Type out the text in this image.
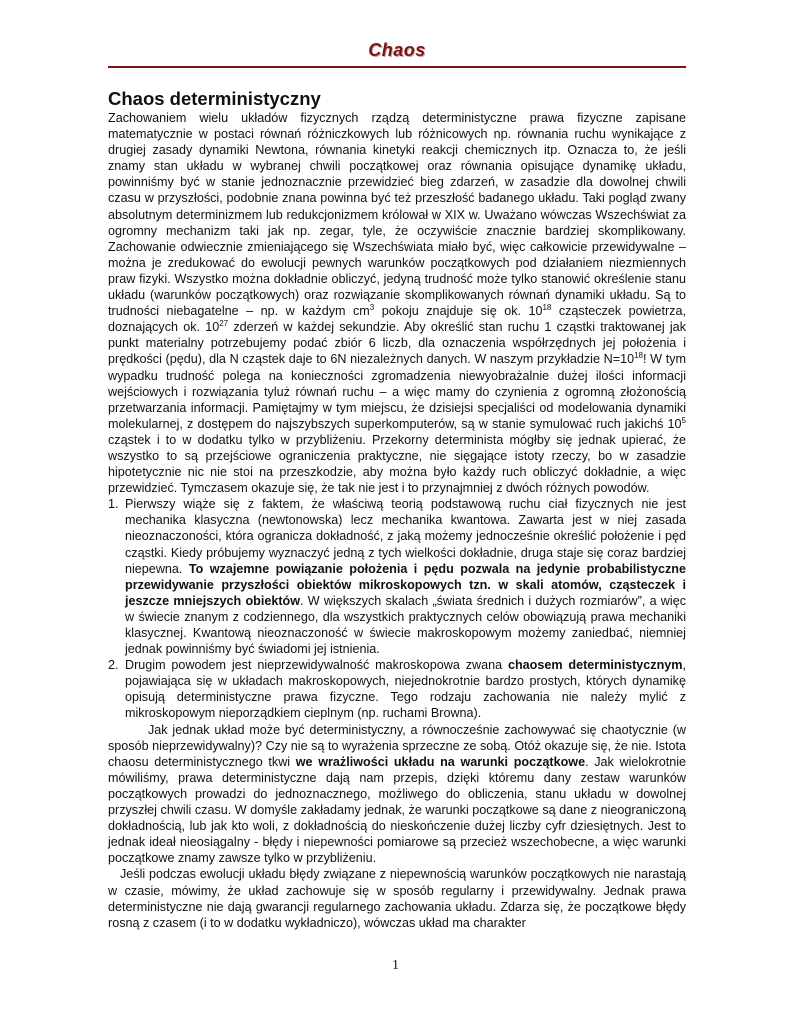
Chaos
Chaos deterministyczny

Zachowaniem wielu układów fizycznych rządzą deterministyczne prawa fizyczne zapisane matematycznie w postaci równań różniczkowych lub różnicowych np. równania ruchu wynikające z drugiej zasady dynamiki Newtona, równania kinetyki reakcji chemicznych itp. Oznacza to, że jeśli znamy stan układu w wybranej chwili początkowej oraz równania opisujące dynamikę układu, powinniśmy być w stanie jednoznacznie przewidzieć bieg zdarzeń, w zasadzie dla dowolnej chwili czasu w przyszłości, podobnie znana powinna być też przeszłość badanego układu. Taki pogląd zwany absolutnym determinizmem lub redukcjonizmem królował w XIX w. Uważano wówczas Wszechświat za ogromny mechanizm taki jak np. zegar, tyle, że oczywiście znacznie bardziej skomplikowany. Zachowanie odwiecznie zmieniającego się Wszechświata miało być, więc całkowicie przewidywalne – można je zredukować do ewolucji pewnych warunków początkowych pod działaniem niezmiennych praw fizyki. Wszystko można dokładnie obliczyć, jedyną trudność może tylko stanowić określenie stanu układu (warunków początkowych) oraz rozwiązanie skomplikowanych równań dynamiki układu. Są to trudności niebagatelne – np. w każdym $cm^3$ pokoju znajduje się ok. $10^{18}$ cząsteczek powietrza, doznających ok. $10^{27}$ zderzeń w każdej sekundzie. Aby określić stan ruchu 1 cząstki traktowanej jak punkt materialny potrzebujemy podać zbiór 6 liczb, dla oznaczenia współrzędnych jej położenia i prędkości (pędu), dla N cząstek daje to 6N niezależnych danych. W naszym przykładzie $N=10^{18}$! W tym wypadku trudność polega na konieczności zgromadzenia niewyobrażalnie dużej ilości informacji wejściowych i rozwiązania tyluż równań ruchu – a więc mamy do czynienia z ogromną złożonością przetwarzania informacji. Pamiętajmy w tym miejscu, że dzisiejsi specjaliści od modelowania dynamiki molekularnej, z dostępem do najszybszych superkomputerów, są w stanie symulować ruch jakichś $10^5$ cząstek i to w dodatku tylko w przybliżeniu. Przekorny determinista mógłby się jednak upierać, że wszystko to są przejściowe ograniczenia praktyczne, nie sięgające istoty rzeczy, bo w zasadzie hipotetycznie nic nie stoi na przeszkodzie, aby można było każdy ruch obliczyć dokładnie, a więc przewidzieć. Tymczasem okazuje się, że tak nie jest i to przynajmniej z dwóch różnych powodów.

1. Pierwszy wiąże się z faktem, że właściwą teorią podstawową ruchu ciał fizycznych nie jest mechanika klasyczna (newtonowska) lecz mechanika kwantowa. Zawarta jest w niej zasada nieoznaczoności, która ogranicza dokładność, z jaką możemy jednocześnie określić położenie i pęd cząstki. Kiedy próbujemy wyznaczyć jedną z tych wielkości dokładnie, druga staje się coraz bardziej niepewna. To wzajemne powiązanie położenia i pędu pozwala na jedynie probabilistyczne przewidywanie przyszłości obiektów mikroskopowych tzn. w skali atomów, cząsteczek i jeszcze mniejszych obiektów. W większych skalach „świata średnich i dużych rozmiarów”, a więc w świecie znanym z codziennego, dla wszystkich praktycznych celów obowiązują prawa mechaniki klasycznej. Kwantową nieoznaczoność w świecie makroskopowym możemy zaniedbać, niemniej jednak powinniśmy być świadomi jej istnienia.
2. Drugim powodem jest nieprzewidywalność makroskopowa zwana chaosem deterministycznym, pojawiająca się w układach makroskopowych, niejednokrotnie bardzo prostych, których dynamikę opisują deterministyczne prawa fizyczne. Tego rodzaju zachowania nie należy mylić z mikroskopowym nieporządkiem cieplnym (np. ruchami Browna).

Jak jednak układ może być deterministyczny, a równocześnie zachowywać się chaotycznie (w sposób nieprzewidywalny)? Czy nie są to wyrażenia sprzeczne ze sobą. Otóż okazuje się, że nie. Istota chaosu deterministycznego tkwi we wrażliwości układu na warunki początkowe. Jak wielokrotnie mówiliśmy, prawa deterministyczne dają nam przepis, dzięki któremu dany zestaw warunków początkowych prowadzi do jednoznacznego, możliwego do obliczenia, stanu układu w dowolnej przyszłej chwili czasu. W domyśle zakładamy jednak, że warunki początkowe są dane z nieograniczoną dokładnością, lub jak kto woli, z dokładnością do nieskończenie dużej liczby cyfr dziesiętnych. Jest to jednak ideał nieosiągalny - błędy i niepewności pomiarowe są przecież wszechobecne, a więc warunki początkowe znamy zawsze tylko w przybliżeniu.

Jeśli podczas ewolucji układu błędy związane z niepewnością warunków początkowych nie narastają w czasie, mówimy, że układ zachowuje się w sposób regularny i przewidywalny. Jednak prawa deterministyczne nie dają gwarancji regularnego zachowania układu. Zdarza się, że początkowe błędy rosną z czasem (i to w dodatku wykładniczo), wówczas układ ma charakter

1
